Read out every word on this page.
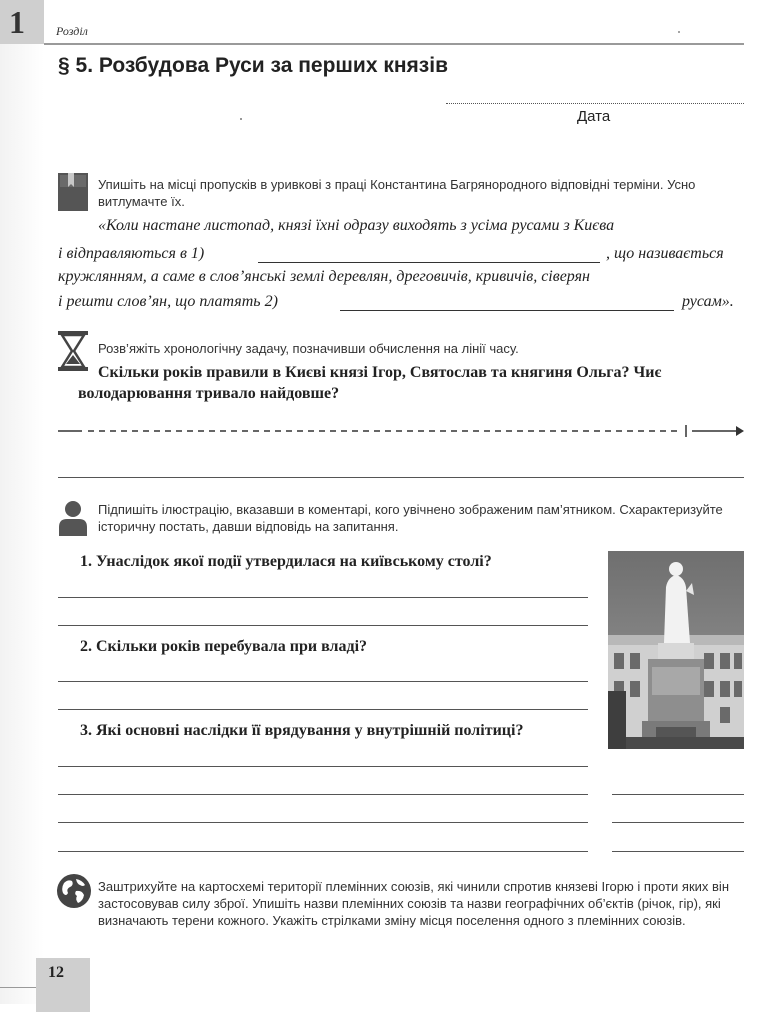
1	Розділ
§ 5. Розбудова Руси за перших князів
Дата
Упишіть на місці пропусків в уривкові з праці Константина Багрянородного відповідні терміни. Усно витлумачте їх.
«Коли настане листопад, князі їхні одразу виходять з усіма русами з Києва
і відправляються в 1)	, що називається
кружлянням, а саме в слов’янські землі деревлян, дреговичів, кривичів, сіверян
і решти слов’ян, що платять 2)	русам».
Розв’яжіть хронологічну задачу, позначивши обчислення на лінії часу.
Скільки років правили в Києві князі Ігор, Святослав та княгиня Ольга? Чиє
володарювання тривало найдовше?
Підпишіть ілюстрацію, вказавши в коментарі, кого увічнено зображеним пам’ятником. Схарактеризуйте історичну постать, давши відповідь на запитання.
1. Унаслідок якої події утвердилася на київському столі?
2. Скільки років перебувала при владі?
3. Які основні наслідки її врядування у внутрішній політиці?
Заштрихуйте на картосхемі території племінних союзів, які чинили спротив князеві Ігорю і проти яких він застосовував силу зброї. Упишіть назви племінних союзів та назви географічних об’єктів (річок, гір), які визначають терени кожного. Укажіть стрілками зміну місця поселення одного з племінних союзів.
12
